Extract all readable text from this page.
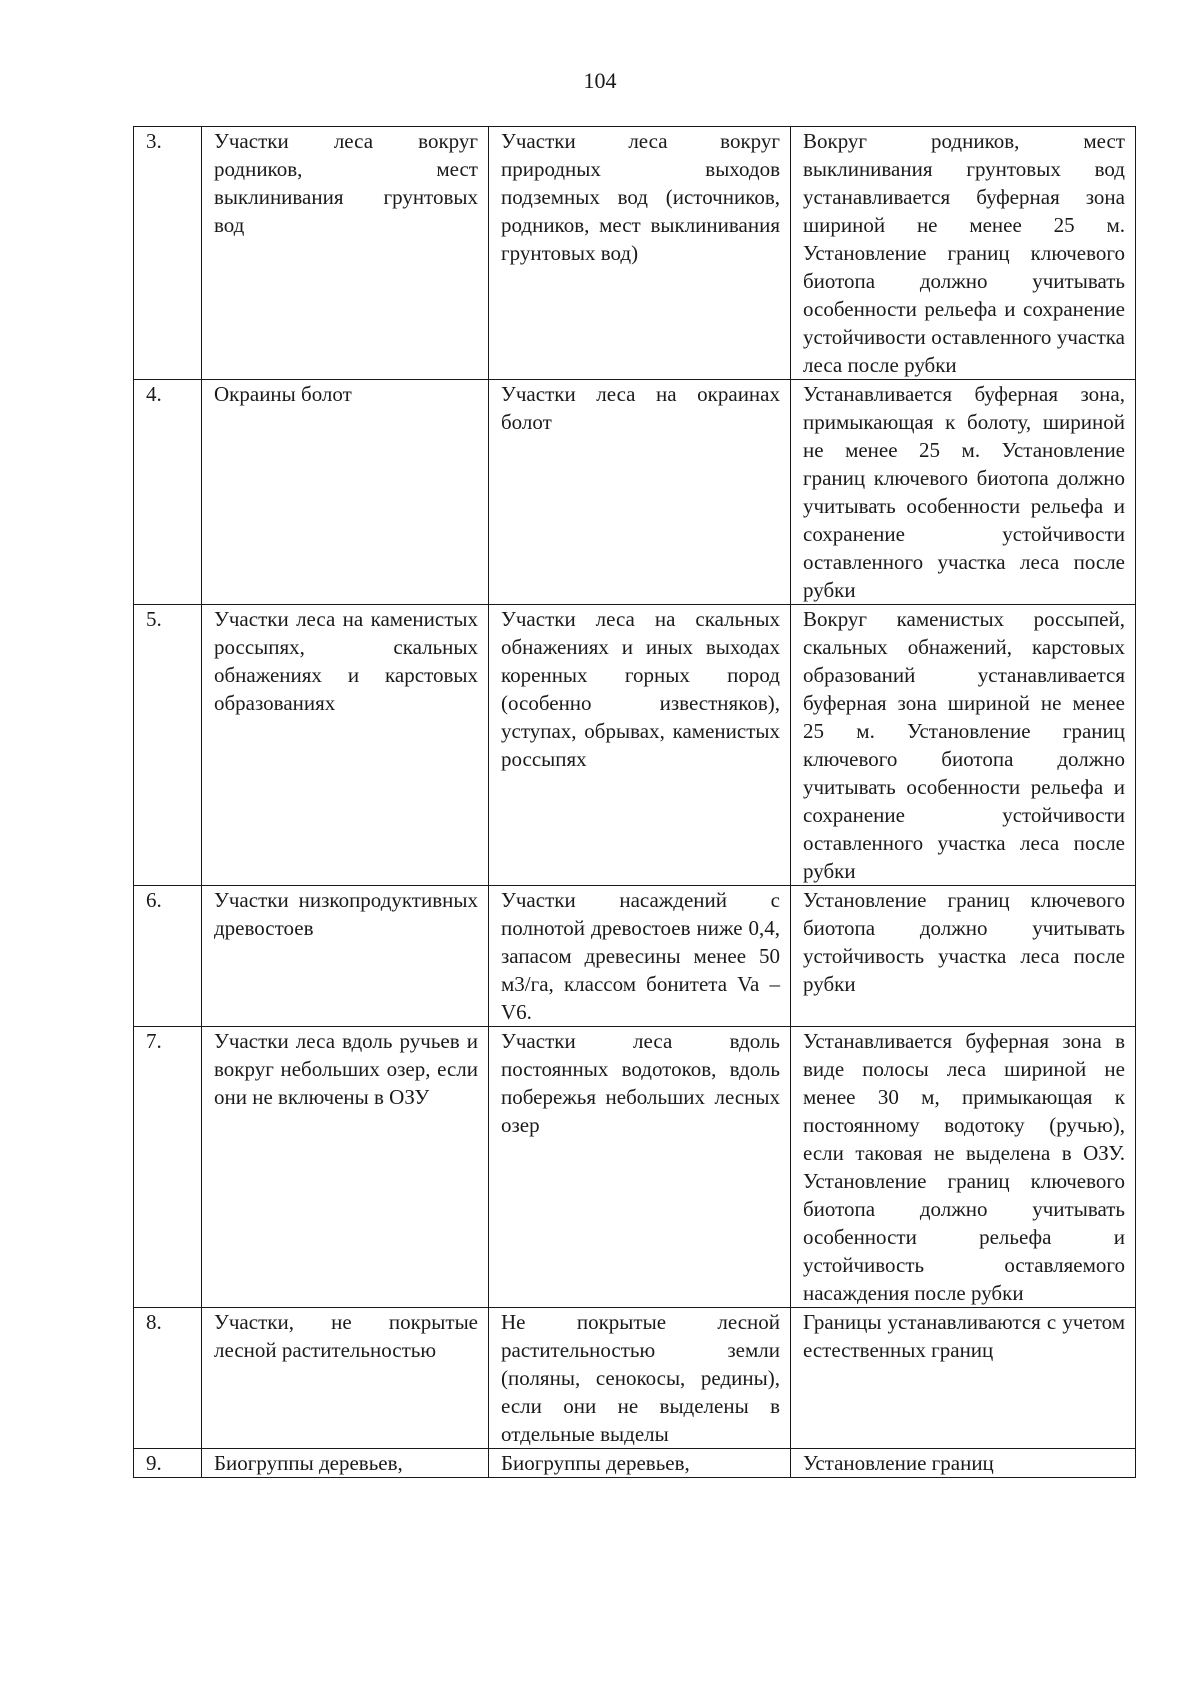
104
3.	Участки леса вокруг родников, мест выклинивания грунтовых вод	Участки леса вокруг природных выходов подземных вод (источников, родников, мест выклинивания грунтовых вод)	Вокруг родников, мест выклинивания грунтовых вод устанавливается буферная зона шириной не менее 25 м. Установление границ ключевого биотопа должно учитывать особенности рельефа и сохранение устойчивости оставленного участка леса после рубки
4.	Окраины болот	Участки леса на окраинах болот	Устанавливается буферная зона, примыкающая к болоту, шириной не менее 25 м. Установление границ ключевого биотопа должно учитывать особенности рельефа и сохранение устойчивости оставленного участка леса после рубки
5.	Участки леса на каменистых россыпях, скальных обнажениях и карстовых образованиях	Участки леса на скальных обнажениях и иных выходах коренных горных пород (особенно известняков), уступах, обрывах, каменистых россыпях	Вокруг каменистых россыпей, скальных обнажений, карстовых образований устанавливается буферная зона шириной не менее 25 м. Установление границ ключевого биотопа должно учитывать особенности рельефа и сохранение устойчивости оставленного участка леса после рубки
6.	Участки низкопродуктивных древостоев	Участки насаждений с полнотой древостоев ниже 0,4, запасом древесины менее 50 м3/га, классом бонитета Va – V6.	Установление границ ключевого биотопа должно учитывать устойчивость участка леса после рубки
7.	Участки леса вдоль ручьев и вокруг небольших озер, если они не включены в ОЗУ	Участки леса вдоль постоянных водотоков, вдоль побережья небольших лесных озер	Устанавливается буферная зона в виде полосы леса шириной не менее 30 м, примыкающая к постоянному водотоку (ручью), если таковая не выделена в ОЗУ. Установление границ ключевого биотопа должно учитывать особенности рельефа и устойчивость оставляемого насаждения после рубки
8.	Участки, не покрытые лесной растительностью	Не покрытые лесной растительностью земли (поляны, сенокосы, редины), если они не выделены в отдельные выделы	Границы устанавливаются с учетом естественных границ
9.	Биогруппы деревьев,	Биогруппы деревьев,	Установление границ
